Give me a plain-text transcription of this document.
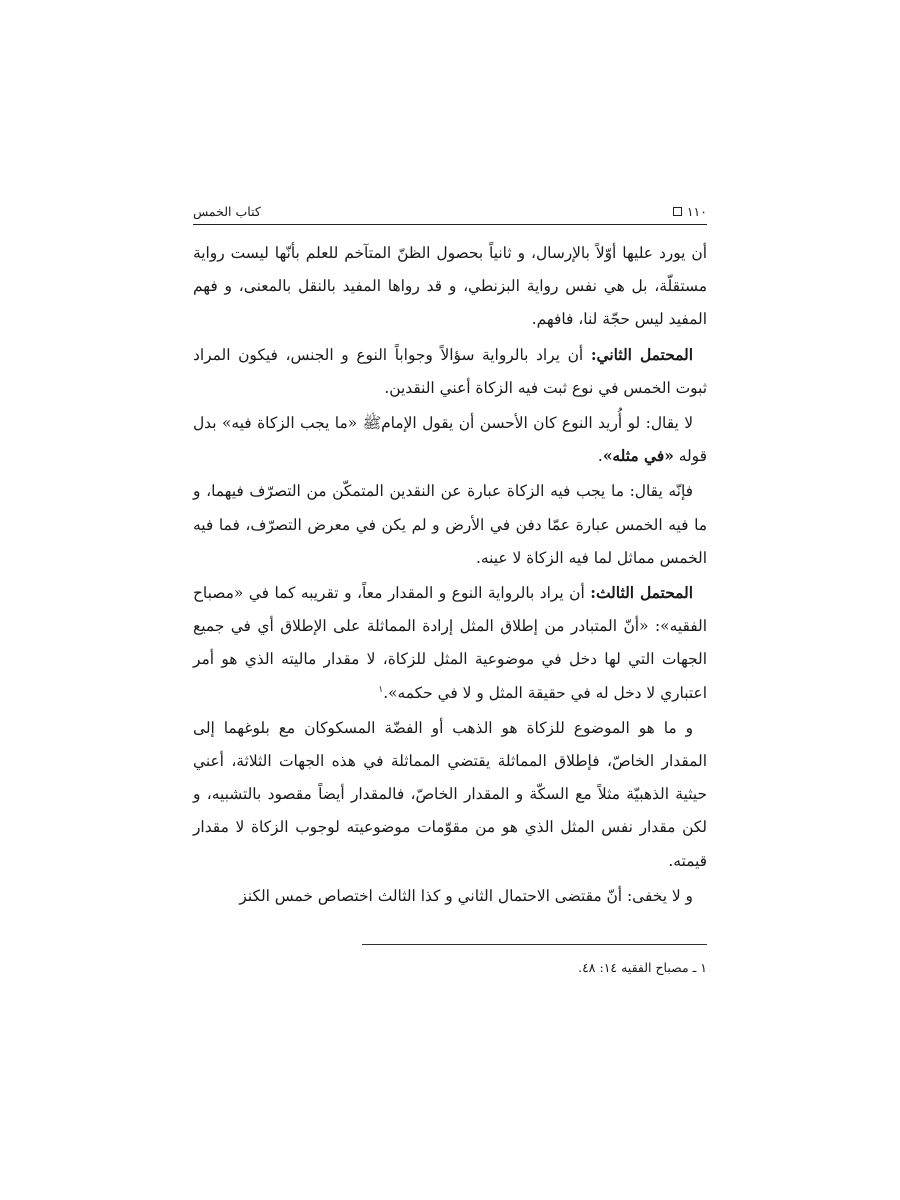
١١٠
كتاب الخمس

أن يورد عليها أوّلاً بالإرسال، و ثانياً بحصول الظنّ المتآخم للعلم بأنّها ليست رواية مستقلّة، بل هي نفس رواية البزنطي، و قد رواها المفيد بالنقل بالمعنى، و فهم المفيد ليس حجّة لنا، فافهم.

المحتمل الثاني: أن يراد بالرواية سؤالاً وجواباً النوع و الجنس، فيكون المراد ثبوت الخمس في نوع ثبت فيه الزكاة أعني النقدين.

لا يقال: لو أُريد النوع كان الأحسن أن يقول الإمامﷺ «ما يجب الزكاة فيه» بدل قوله «في مثله».

فإنّه يقال: ما يجب فيه الزكاة عبارة عن النقدين المتمكّن من التصرّف فيهما، و ما فيه الخمس عبارة عمّا دفن في الأرض و لم يكن في معرض التصرّف، فما فيه الخمس مماثل لما فيه الزكاة لا عينه.

المحتمل الثالث: أن يراد بالرواية النوع و المقدار معاً، و تقريبه كما في «مصباح الفقيه»: «أنّ المتبادر من إطلاق المثل إرادة المماثلة على الإطلاق أي في جميع الجهات التي لها دخل في موضوعية المثل للزكاة، لا مقدار ماليته الذي هو أمر اعتباري لا دخل له في حقيقة المثل و لا في حكمه».$^١$

و ما هو الموضوع للزكاة هو الذهب أو الفضّة المسكوكان مع بلوغهما إلى المقدار الخاصّ، فإطلاق المماثلة يقتضي المماثلة في هذه الجهات الثلاثة، أعني حيثية الذهبيّة مثلاً مع السكّة و المقدار الخاصّ، فالمقدار أيضاً مقصود بالتشبيه، و لكن مقدار نفس المثل الذي هو من مقوّمات موضوعيته لوجوب الزكاة لا مقدار قيمته.

و لا يخفى: أنّ مقتضى الاحتمال الثاني و كذا الثالث اختصاص خمس الكنز

١ ـ مصباح الفقيه ١٤: ٤٨.
